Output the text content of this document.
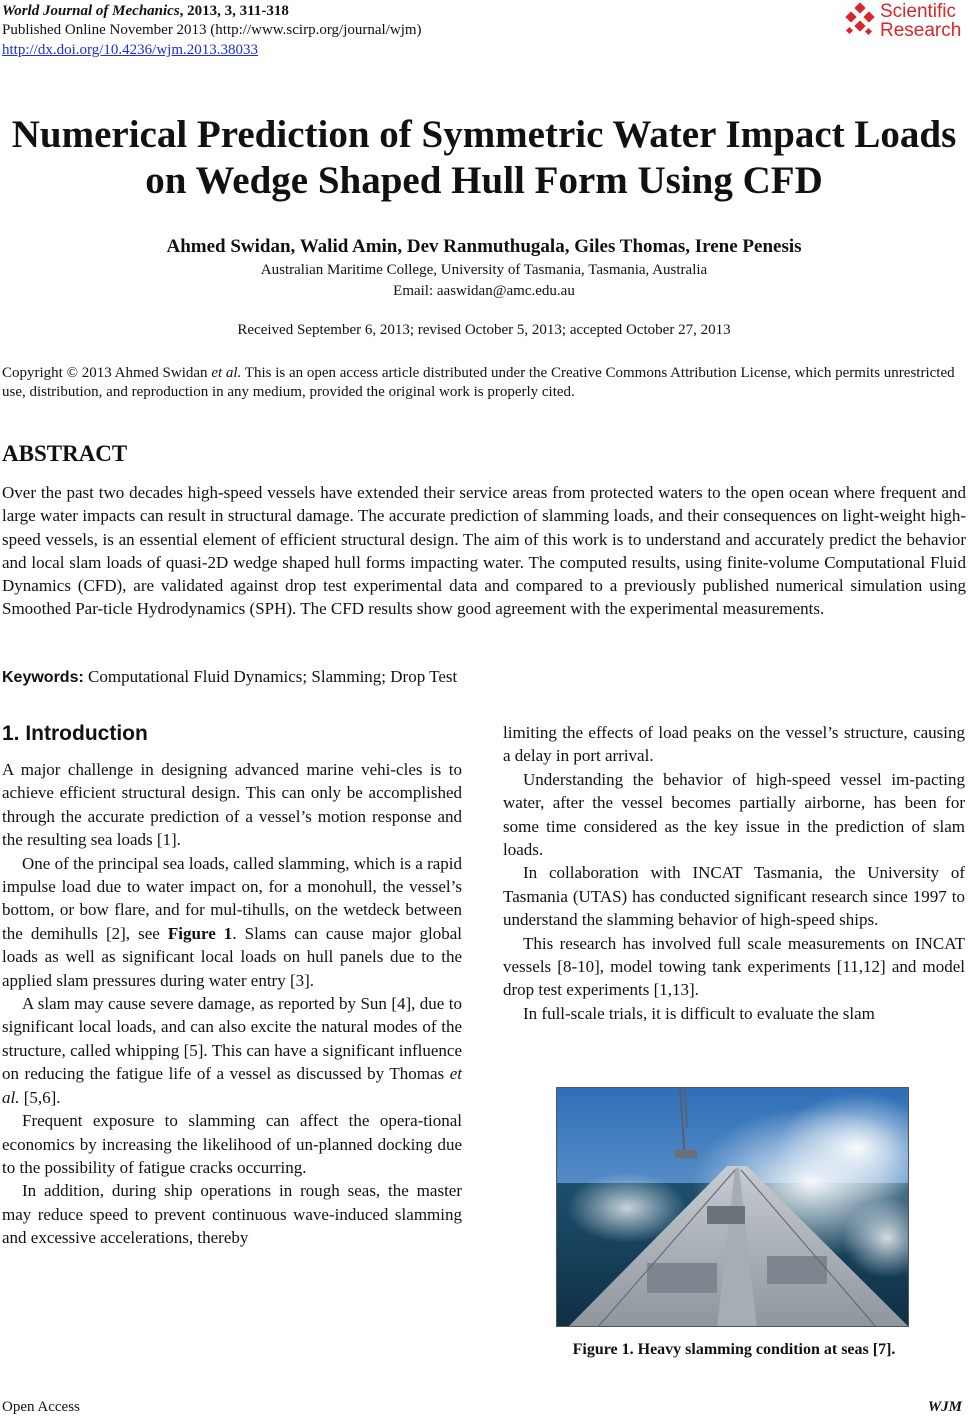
World Journal of Mechanics, 2013, 3, 311-318
Published Online November 2013 (http://www.scirp.org/journal/wjm)
http://dx.doi.org/10.4236/wjm.2013.38033
Scientific
Research
Numerical Prediction of Symmetric Water Impact Loads on Wedge Shaped Hull Form Using CFD
Ahmed Swidan, Walid Amin, Dev Ranmuthugala, Giles Thomas, Irene Penesis
Australian Maritime College, University of Tasmania, Tasmania, Australia
Email: aaswidan@amc.edu.au
Received September 6, 2013; revised October 5, 2013; accepted October 27, 2013
Copyright © 2013 Ahmed Swidan et al. This is an open access article distributed under the Creative Commons Attribution License, which permits unrestricted use, distribution, and reproduction in any medium, provided the original work is properly cited.
ABSTRACT

Over the past two decades high-speed vessels have extended their service areas from protected waters to the open ocean where frequent and large water impacts can result in structural damage. The accurate prediction of slamming loads, and their consequences on light-weight high-speed vessels, is an essential element of efficient structural design. The aim of this work is to understand and accurately predict the behavior and local slam loads of quasi-2D wedge shaped hull forms impacting water. The computed results, using finite-volume Computational Fluid Dynamics (CFD), are validated against drop test experimental data and compared to a previously published numerical simulation using Smoothed Par-ticle Hydrodynamics (SPH). The CFD results show good agreement with the experimental measurements.

Keywords: Computational Fluid Dynamics; Slamming; Drop Test
1. Introduction

A major challenge in designing advanced marine vehi-cles is to achieve efficient structural design. This can only be accomplished through the accurate prediction of a vessel’s motion response and the resulting sea loads [1].

One of the principal sea loads, called slamming, which is a rapid impulse load due to water impact on, for a monohull, the vessel’s bottom, or bow flare, and for mul-tihulls, on the wetdeck between the demihulls [2], see Figure 1. Slams can cause major global loads as well as significant local loads on hull panels due to the applied slam pressures during water entry [3].

A slam may cause severe damage, as reported by Sun [4], due to significant local loads, and can also excite the natural modes of the structure, called whipping [5]. This can have a significant influence on reducing the fatigue life of a vessel as discussed by Thomas et al. [5,6].

Frequent exposure to slamming can affect the opera-tional economics by increasing the likelihood of un-planned docking due to the possibility of fatigue cracks occurring.

In addition, during ship operations in rough seas, the master may reduce speed to prevent continuous wave-induced slamming and excessive accelerations, thereby

limiting the effects of load peaks on the vessel’s structure, causing a delay in port arrival.

Understanding the behavior of high-speed vessel im-pacting water, after the vessel becomes partially airborne, has been for some time considered as the key issue in the prediction of slam loads.

In collaboration with INCAT Tasmania, the University of Tasmania (UTAS) has conducted significant research since 1997 to understand the slamming behavior of high-speed ships.

This research has involved full scale measurements on INCAT vessels [8-10], model towing tank experiments [11,12] and model drop test experiments [1,13].

In full-scale trials, it is difficult to evaluate the slam

Figure 1. Heavy slamming condition at seas [7].
Open Access	WJM
